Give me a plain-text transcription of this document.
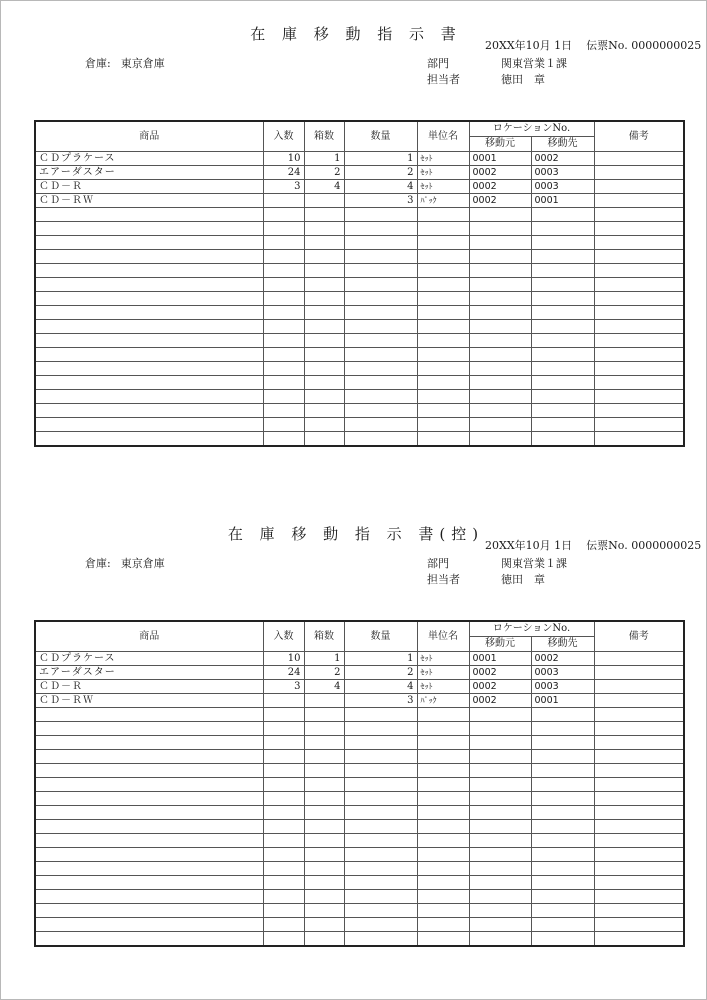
在 庫 移 動 指 示 書
20XX年10月 1日 伝票No. 0000000025
倉庫: 東京倉庫	部門	関東営業１課
担当者	徳田　章
商品	入数	箱数	数量	単位名	ロケーションNo.		備考
					移動元	移動先	
ＣＤプラケース	10	1	1	ｾｯﾄ	0001	0002	
エアーダスター	24	2	2	ｾｯﾄ	0002	0003	
ＣＤ－Ｒ	3	4	4	ｾｯﾄ	0002	0003	
ＣＤ－ＲＷ			3	ﾊﾟｯｸ	0002	0001	

在 庫 移 動 指 示 書(控)
20XX年10月 1日 伝票No. 0000000025
倉庫: 東京倉庫	部門	関東営業１課
担当者	徳田　章
商品	入数	箱数	数量	単位名	ロケーションNo.		備考
					移動元	移動先	
ＣＤプラケース	10	1	1	ｾｯﾄ	0001	0002	
エアーダスター	24	2	2	ｾｯﾄ	0002	0003	
ＣＤ－Ｒ	3	4	4	ｾｯﾄ	0002	0003	
ＣＤ－ＲＷ			3	ﾊﾟｯｸ	0002	0001	
